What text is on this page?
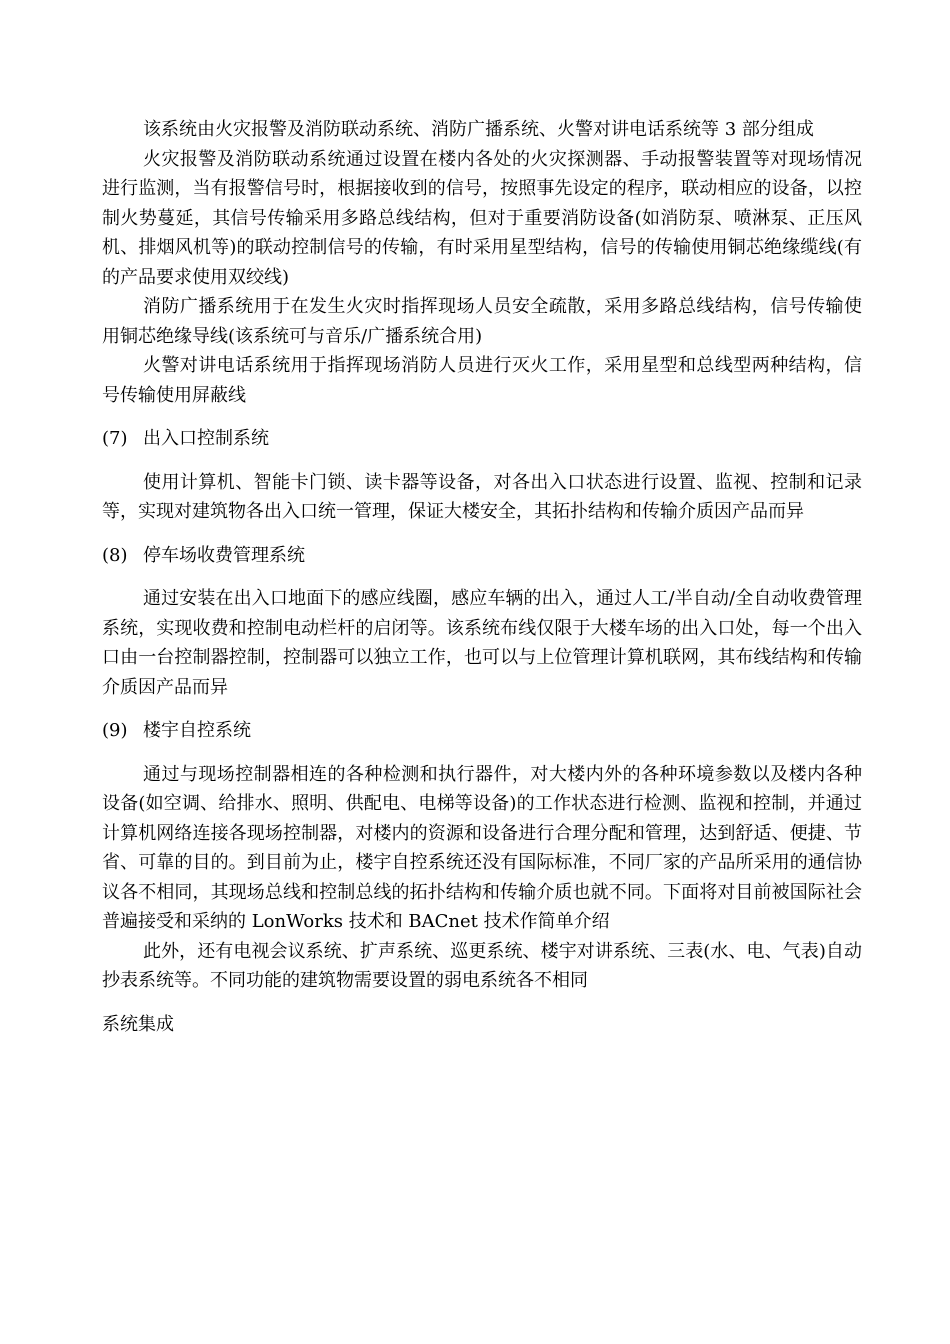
该系统由火灾报警及消防联动系统、消防广播系统、火警对讲电话系统等 3 部分组成

火灾报警及消防联动系统通过设置在楼内各处的火灾探测器、手动报警装置等对现场情况进行监测，当有报警信号时，根据接收到的信号，按照事先设定的程序，联动相应的设备，以控制火势蔓延，其信号传输采用多路总线结构，但对于重要消防设备(如消防泵、喷淋泵、正压风机、排烟风机等)的联动控制信号的传输，有时采用星型结构，信号的传输使用铜芯绝缘缆线(有的产品要求使用双绞线)

消防广播系统用于在发生火灾时指挥现场人员安全疏散，采用多路总线结构，信号传输使用铜芯绝缘导线(该系统可与音乐/广播系统合用)

火警对讲电话系统用于指挥现场消防人员进行灭火工作，采用星型和总线型两种结构，信号传输使用屏蔽线

(7) 出入口控制系统

使用计算机、智能卡门锁、读卡器等设备，对各出入口状态进行设置、监视、控制和记录等，实现对建筑物各出入口统一管理，保证大楼安全，其拓扑结构和传输介质因产品而异

(8) 停车场收费管理系统

通过安装在出入口地面下的感应线圈，感应车辆的出入，通过人工/半自动/全自动收费管理系统，实现收费和控制电动栏杆的启闭等。该系统布线仅限于大楼车场的出入口处，每一个出入口由一台控制器控制，控制器可以独立工作，也可以与上位管理计算机联网，其布线结构和传输介质因产品而异

(9) 楼宇自控系统

通过与现场控制器相连的各种检测和执行器件，对大楼内外的各种环境参数以及楼内各种设备(如空调、给排水、照明、供配电、电梯等设备)的工作状态进行检测、监视和控制，并通过计算机网络连接各现场控制器，对楼内的资源和设备进行合理分配和管理，达到舒适、便捷、节省、可靠的目的。到目前为止，楼宇自控系统还没有国际标准，不同厂家的产品所采用的通信协议各不相同，其现场总线和控制总线的拓扑结构和传输介质也就不同。下面将对目前被国际社会普遍接受和采纳的 LonWorks 技术和 BACnet 技术作简单介绍

此外，还有电视会议系统、扩声系统、巡更系统、楼宇对讲系统、三表(水、电、气表)自动抄表系统等。不同功能的建筑物需要设置的弱电系统各不相同

系统集成
